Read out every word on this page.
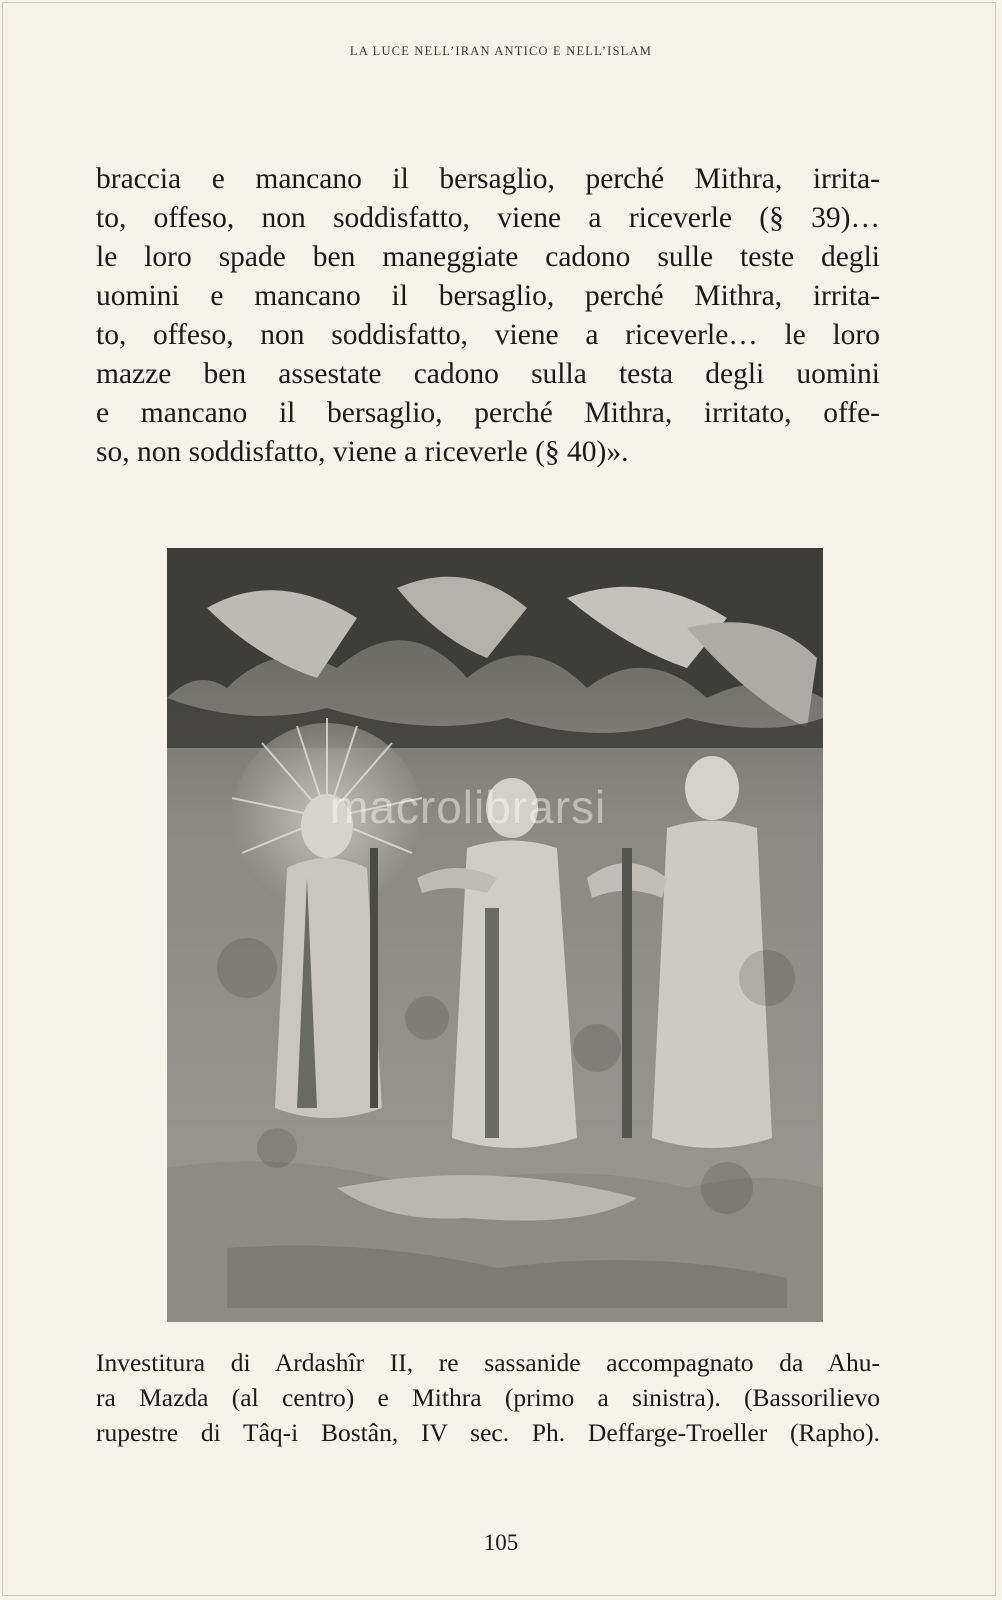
LA LUCE NELL’IRAN ANTICO E NELL’ISLAM
braccia e mancano il bersaglio, perché Mithra, irrita-
to, offeso, non soddisfatto, viene a riceverle (§ 39)…
le loro spade ben maneggiate cadono sulle teste degli
uomini e mancano il bersaglio, perché Mithra, irrita-
to, offeso, non soddisfatto, viene a riceverle… le loro
mazze ben assestate cadono sulla testa degli uomini
e mancano il bersaglio, perché Mithra, irritato, offe-
so, non soddisfatto, viene a riceverle (§ 40)».
macrolibrarsi
Investitura di Ardashîr II, re sassanide accompagnato da Ahu-
ra Mazda (al centro) e Mithra (primo a sinistra). (Bassorilievo
rupestre di Tâq-i Bostân, IV sec. Ph. Deffarge-Troeller (Rapho).
105
